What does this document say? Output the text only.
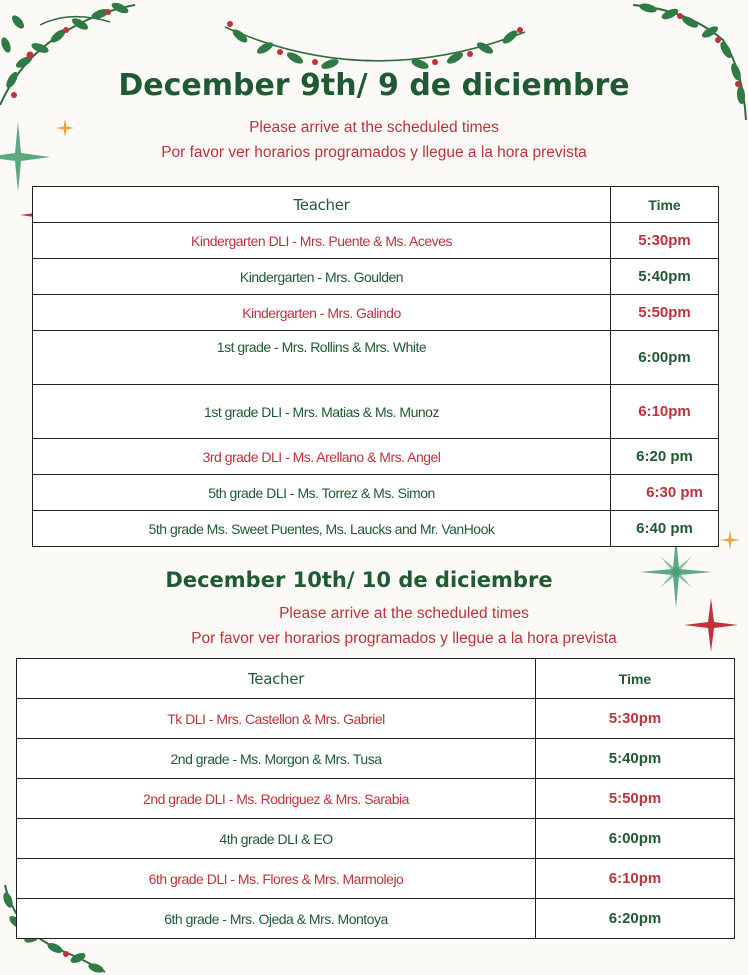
December 9th/ 9 de diciembre
Please arrive at the scheduled times
Por favor ver horarios programados y llegue a la hora prevista
Teacher	Time
Kindergarten DLI - Mrs. Puente & Ms. Aceves	5:30pm
Kindergarten - Mrs. Goulden	5:40pm
Kindergarten - Mrs. Galindo	5:50pm
1st grade - Mrs. Rollins & Mrs. White	6:00pm
1st grade DLI - Mrs. Matias & Ms. Munoz	6:10pm
3rd grade DLI - Ms. Arellano & Mrs. Angel	6:20 pm
5th grade DLI - Ms. Torrez & Ms. Simon	6:30 pm
5th grade Ms. Sweet Puentes, Ms. Laucks and Mr. VanHook	6:40 pm
December 10th/ 10 de diciembre
Please arrive at the scheduled times
Por favor ver horarios programados y llegue a la hora prevista
Teacher	Time
Tk DLI - Mrs. Castellon & Mrs. Gabriel	5:30pm
2nd grade - Ms. Morgon & Mrs. Tusa	5:40pm
2nd grade DLI - Ms. Rodriguez & Mrs. Sarabia	5:50pm
4th grade DLI & EO	6:00pm
6th grade DLI - Ms. Flores & Mrs. Marmolejo	6:10pm
6th grade - Mrs. Ojeda & Mrs. Montoya	6:20pm
